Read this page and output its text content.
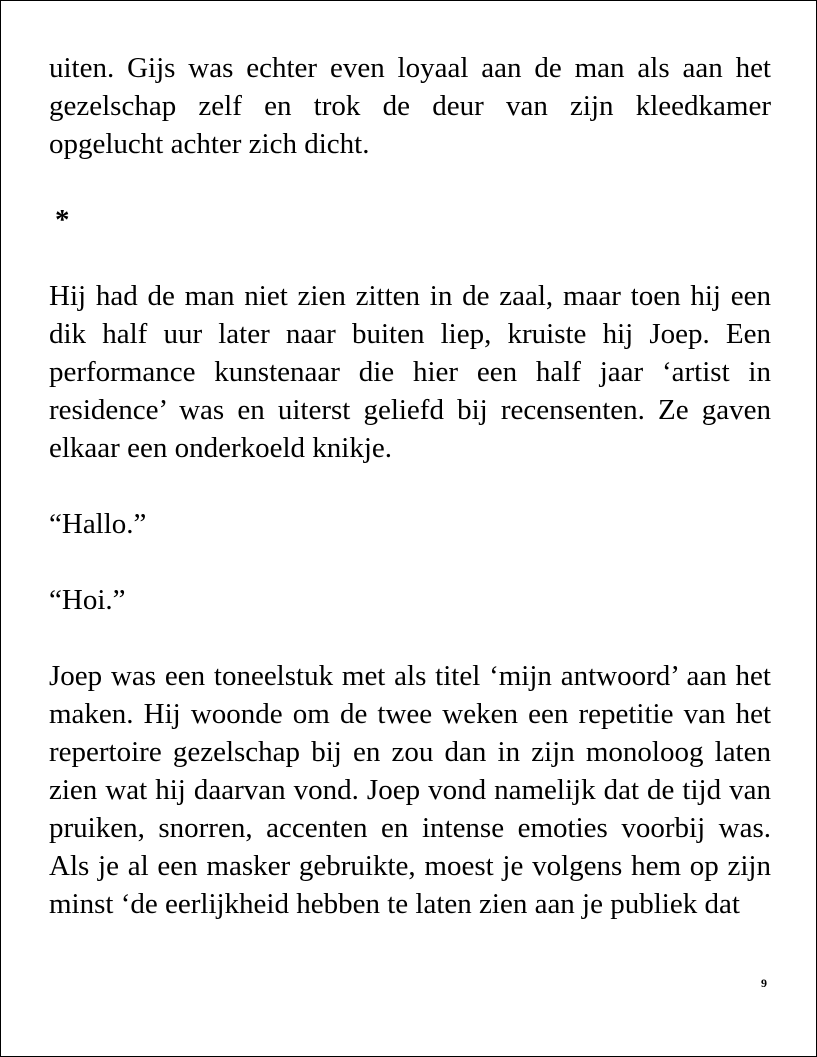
uiten. Gijs was echter even loyaal aan de man als aan het gezelschap zelf en trok de deur van zijn kleedkamer opgelucht achter zich dicht.

*

Hij had de man niet zien zitten in de zaal, maar toen hij een dik half uur later naar buiten liep, kruiste hij Joep. Een performance kunstenaar die hier een half jaar ‘artist in residence’ was en uiterst geliefd bij recensenten. Ze gaven elkaar een onderkoeld knikje.

“Hallo.”

“Hoi.”

Joep was een toneelstuk met als titel ‘mijn antwoord’ aan het maken. Hij woonde om de twee weken een repetitie van het repertoire gezelschap bij en zou dan in zijn monoloog laten zien wat hij daarvan vond. Joep vond namelijk dat de tijd van pruiken, snorren, accenten en intense emoties voorbij was. Als je al een masker gebruikte, moest je volgens hem op zijn minst ‘de eerlijkheid hebben te laten zien aan je publiek dat

9
